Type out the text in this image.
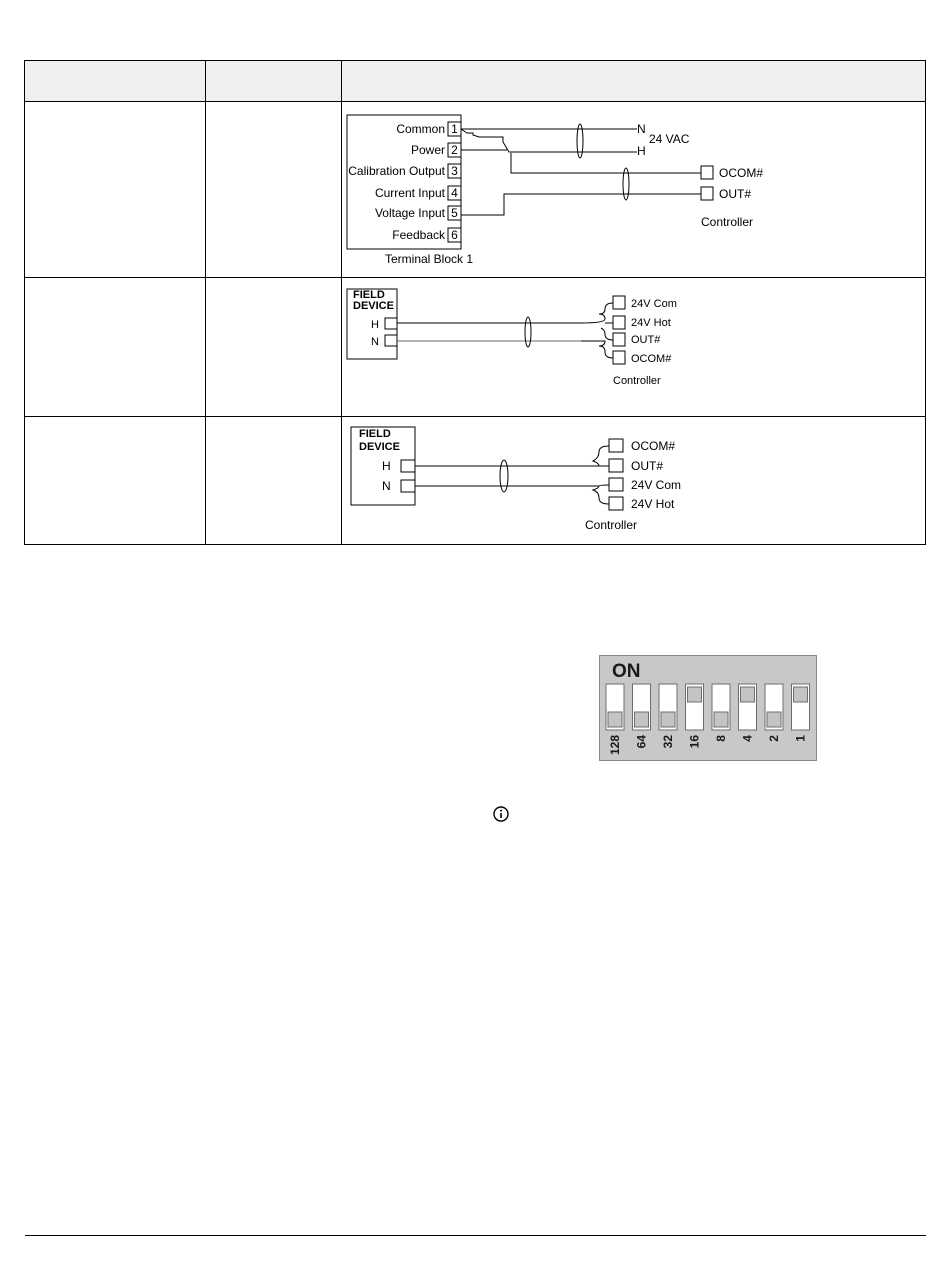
Common
Power
Calibration Output
Current Input
Voltage Input
Feedback
1
2
3
4
5
6
Terminal Block 1
N
H
24 VAC
OCOM#
OUT#
Controller
FIELD
DEVICE
H
N
24V Com
24V Hot
OUT#
OCOM#
Controller
FIELD
DEVICE
H
N
OCOM#
OUT#
24V Com
24V Hot
Controller
ON
128 64 32 16 8 4 2 1
